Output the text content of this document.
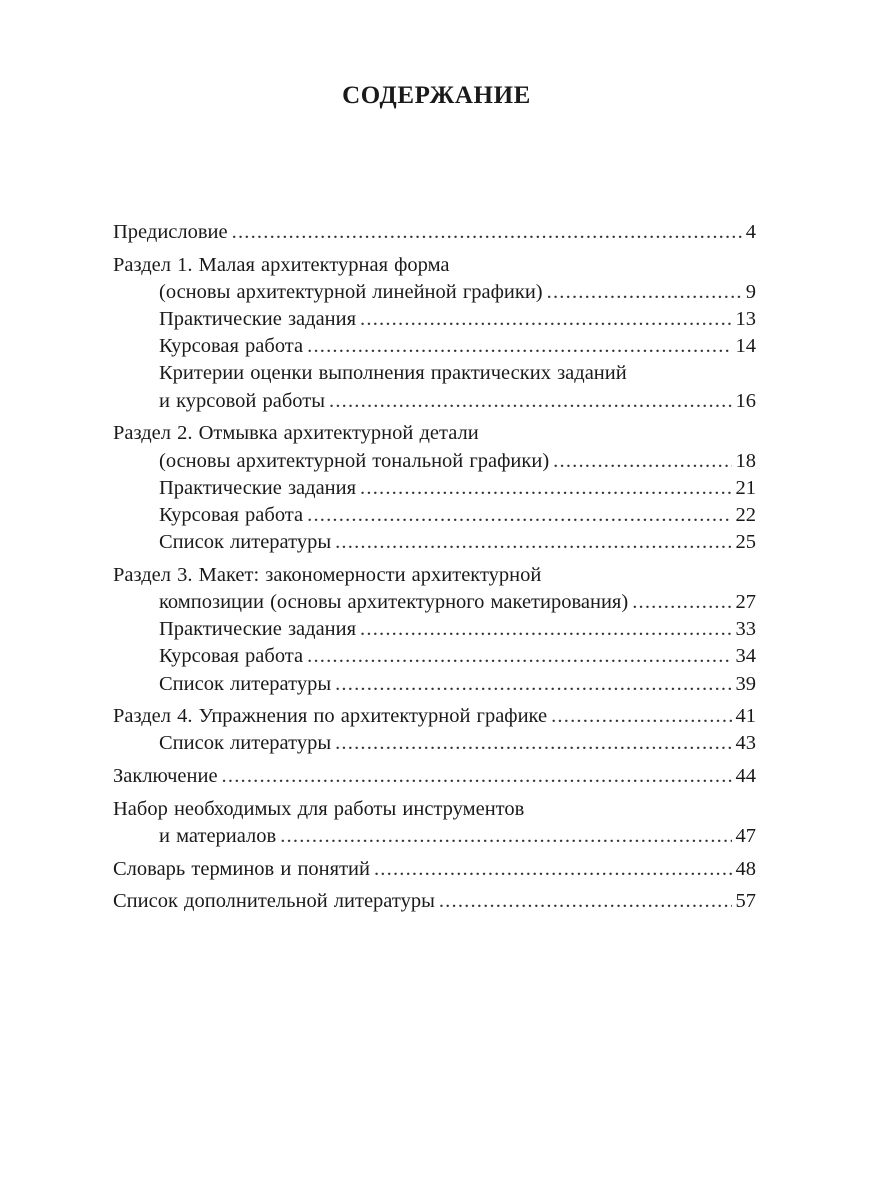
СОДЕРЖАНИЕ
Предисловие .....	4
Раздел 1. Малая архитектурная форма
(основы архитектурной линейной графики) .....	9
Практические задания .....	13
Курсовая работа .....	14
Критерии оценки выполнения практических заданий
и курсовой работы .....	16
Раздел 2. Отмывка архитектурной детали
(основы архитектурной тональной графики) .....	18
Практические задания .....	21
Курсовая работа .....	22
Список литературы .....	25
Раздел 3. Макет: закономерности архитектурной
композиции (основы архитектурного макетирования) .....	27
Практические задания .....	33
Курсовая работа .....	34
Список литературы .....	39
Раздел 4. Упражнения по архитектурной графике .....	41
Список литературы .....	43
Заключение .....	44
Набор необходимых для работы инструментов
и материалов .....	47
Словарь терминов и понятий .....	48
Список дополнительной литературы .....	57
